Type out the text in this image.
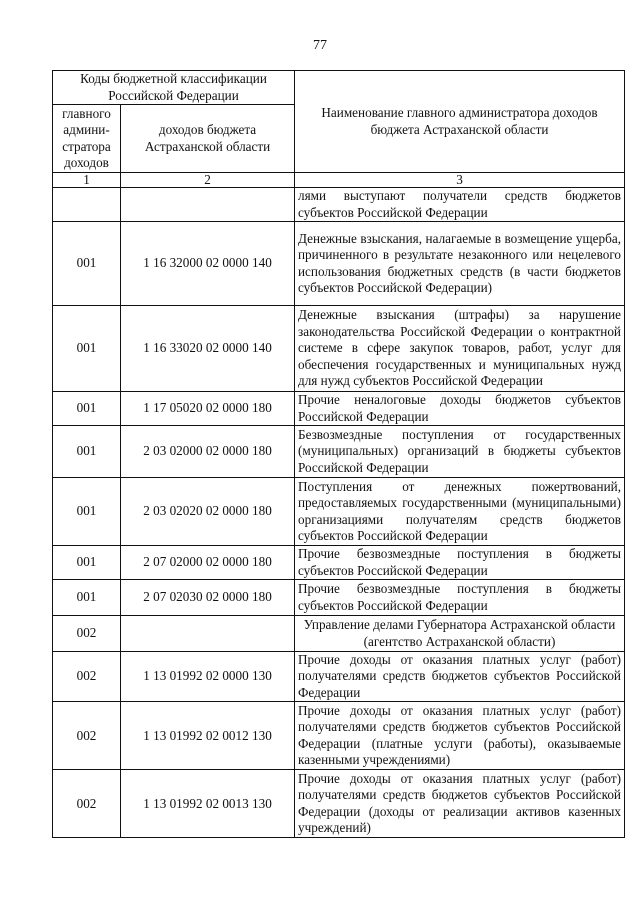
77
Коды бюджетной классификации Российской Федерации		Наименование главного администратора доходов бюджета Астраханской области
главного админи-стратора доходов	доходов бюджета Астраханской области	
1	2	3
		лями выступают получатели средств бюджетов субъектов Российской Федерации
001	1 16 32000 02 0000 140	Денежные взыскания, налагаемые в возмещение ущерба, причиненного в результате незаконного или нецелевого использования бюджетных средств (в части бюджетов субъектов Российской Федерации)
001	1 16 33020 02 0000 140	Денежные взыскания (штрафы) за нарушение законодательства Российской Федерации о контрактной системе в сфере закупок товаров, работ, услуг для обеспечения государственных и муниципальных нужд для нужд субъектов Российской Федерации
001	1 17 05020 02 0000 180	Прочие неналоговые доходы бюджетов субъектов Российской Федерации
001	2 03 02000 02 0000 180	Безвозмездные поступления от государственных (муниципальных) организаций в бюджеты субъектов Российской Федерации
001	2 03 02020 02 0000 180	Поступления от денежных пожертвований, предоставляемых государственными (муниципальными) организациями получателям средств бюджетов субъектов Российской Федерации
001	2 07 02000 02 0000 180	Прочие безвозмездные поступления в бюджеты субъектов Российской Федерации
001	2 07 02030 02 0000 180	Прочие безвозмездные поступления в бюджеты субъектов Российской Федерации
002		Управление делами Губернатора Астраханской области (агентство Астраханской области)
002	1 13 01992 02 0000 130	Прочие доходы от оказания платных услуг (работ) получателями средств бюджетов субъектов Российской Федерации
002	1 13 01992 02 0012 130	Прочие доходы от оказания платных услуг (работ) получателями средств бюджетов субъектов Российской Федерации (платные услуги (работы), оказываемые казенными учреждениями)
002	1 13 01992 02 0013 130	Прочие доходы от оказания платных услуг (работ) получателями средств бюджетов субъектов Российской Федерации (доходы от реализации активов казенных учреждений)
